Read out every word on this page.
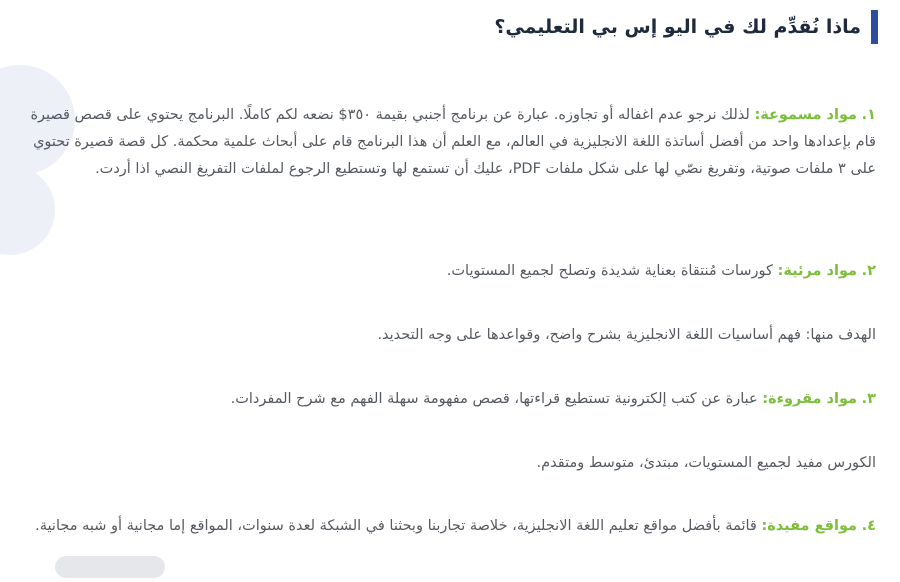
ماذا نُقدِّم لك في اليو إس بي التعليمي؟
١. مواد مسموعة: لذلك نرجو عدم اغفاله أو تجاوزه. عبارة عن برنامج أجنبي بقيمة ٣٥٠$ نضعه لكم كاملًا. البرنامج يحتوي على قصص قصيرة قام بإعدادها واحد من أفضل أساتذة اللغة الانجليزية في العالم، مع العلم أن هذا البرنامج قام على أبحاث علمية محكمة. كل قصة قصيرة تحتوي على ٣ ملفات صوتية، وتفريغ نصّي لها على شكل ملفات PDF، عليك أن تستمع لها وتستطيع الرجوع لملفات التفريغ النصي اذا أردت.
٢. مواد مرئية: كورسات مُنتقاة بعناية شديدة وتصلح لجميع المستويات.
الهدف منها: فهم أساسيات اللغة الانجليزية بشرح واضح، وقواعدها على وجه التحديد.
٣. مواد مقروءة: عبارة عن كتب إلكترونية تستطيع قراءتها، قصص مفهومة سهلة الفهم مع شرح المفردات.
الكورس مفيد لجميع المستويات، مبتدئ، متوسط ومتقدم.
٤. مواقع مفيدة: قائمة بأفضل مواقع تعليم اللغة الانجليزية، خلاصة تجاربنا وبحثنا في الشبكة لعدة سنوات، المواقع إما مجانية أو شبه مجانية.
